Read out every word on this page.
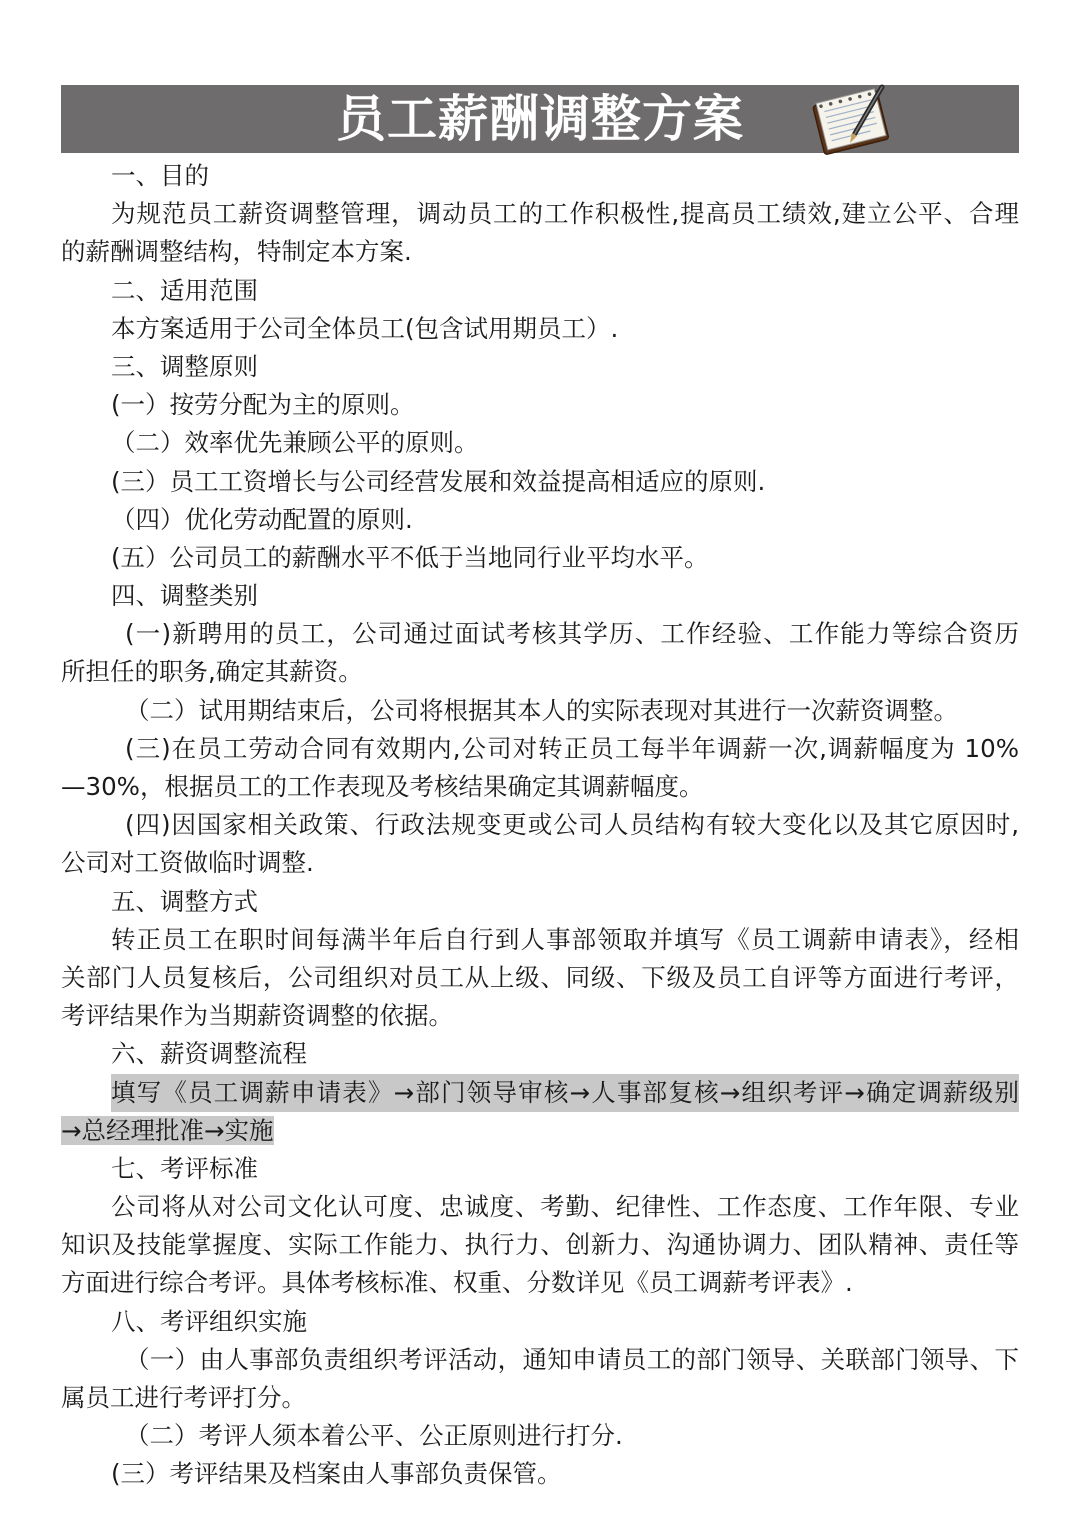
员工薪酬调整方案
一、目的
为规范员工薪资调整管理，调动员工的工作积极性,提高员工绩效,建立公平、合理
的薪酬调整结构，特制定本方案.
二、适用范围
本方案适用于公司全体员工(包含试用期员工）.
三、调整原则
(一）按劳分配为主的原则。
（二）效率优先兼顾公平的原则。
(三）员工工资增长与公司经营发展和效益提高相适应的原则.
（四）优化劳动配置的原则.
(五）公司员工的薪酬水平不低于当地同行业平均水平。
四、调整类别
(一)新聘用的员工，公司通过面试考核其学历、工作经验、工作能力等综合资历
所担任的职务,确定其薪资。
（二）试用期结束后，公司将根据其本人的实际表现对其进行一次薪资调整。
(三)在员工劳动合同有效期内,公司对转正员工每半年调薪一次,调薪幅度为 10%
—30%，根据员工的工作表现及考核结果确定其调薪幅度。
(四)因国家相关政策、行政法规变更或公司人员结构有较大变化以及其它原因时,
公司对工资做临时调整.
五、调整方式
转正员工在职时间每满半年后自行到人事部领取并填写《员工调薪申请表》，经相
关部门人员复核后，公司组织对员工从上级、同级、下级及员工自评等方面进行考评，
考评结果作为当期薪资调整的依据。
六、薪资调整流程
填写《员工调薪申请表》→部门领导审核→人事部复核→组织考评→确定调薪级别
→总经理批准→实施
七、考评标准
公司将从对公司文化认可度、忠诚度、考勤、纪律性、工作态度、工作年限、专业
知识及技能掌握度、实际工作能力、执行力、创新力、沟通协调力、团队精神、责任等
方面进行综合考评。具体考核标准、权重、分数详见《员工调薪考评表》.
八、考评组织实施
（一）由人事部负责组织考评活动，通知申请员工的部门领导、关联部门领导、下
属员工进行考评打分。
（二）考评人须本着公平、公正原则进行打分.
(三）考评结果及档案由人事部负责保管。
